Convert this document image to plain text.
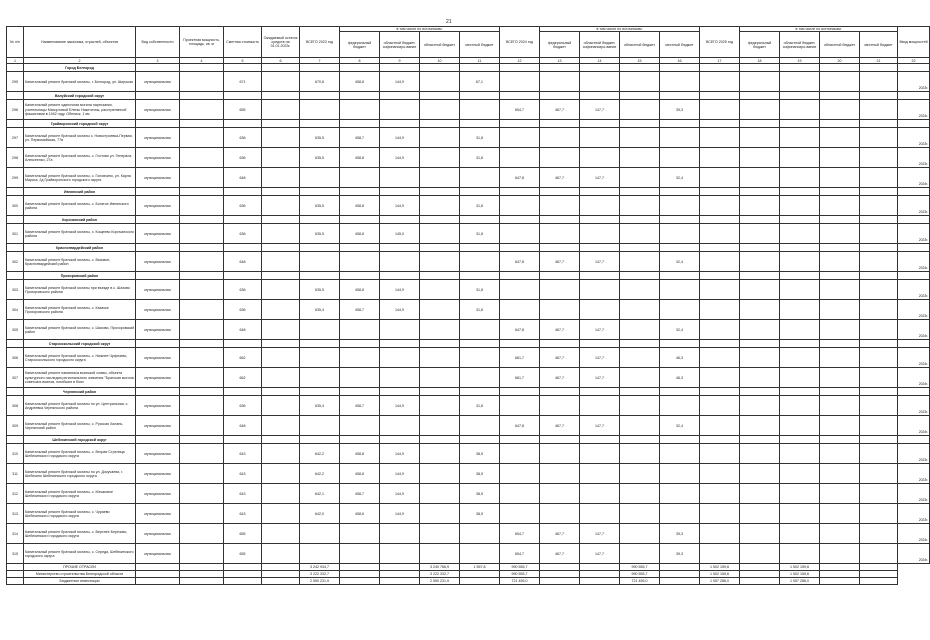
21
№ п/п	Наименование заказчика, отраслей, объектов	Вид собственности	Проектная мощность, площадь, кв. м	Сметная стоимость	Ожидаемый остаток средств на 01.01.2023г.	ВСЕГО 2023 год	в том числе по источникам:				ВСЕГО 2024 год	в том числе по источникам:				ВСЕГО 2025 год	в том числе по источникам:				Ввод мощностей
							федеральный бюджет	областной бюджет, софинансиро-вание	областной бюджет	местный бюджет		федеральный бюджет	областной бюджет, софинансиро-вание	областной бюджет	местный бюджет		федеральный бюджет	областной бюджет, софинансиро-вание	областной бюджет	местный бюджет	
1	2	3	4	5	6	7	8	9	10	11	12	13	14	15	16	17	18	19	20	21	22
	Город Белгород																				
295	Капитальный ремонт братской могилы, г. Белгород, ул. Широкая	муниципальная		671		670,6	458,8	144,9		67,1											2023г.
	Валуйский городской округ																				
296	Капитальный ремонт одиночная могила партизанки, учительницы Махортовой Елены Никитичны, расстрелянной фашистами в 1942 году. Обелиск, 1 км	муниципальная		655							654,7	467,7	147,7		39,3						2024г.
	Грайворонский городской округ																				
297	Капитальный ремонт братской могилы с. Новостроевка-Первая, ул. Первомайская, 77в	муниципальная		636		635,5	458,7	144,9		31,8											2023г.
298	Капитальный ремонт братской могилы, с. Глотово ул. Генерала Алексеенко, 27а	муниципальная		636		635,5	458,8	144,9		31,8											2023г.
299	Капитальный ремонт братской могилы, с. Головчино, ул. Карла Маркса, 2д Грайворонского городского округа	муниципальная		648							647,8	467,7	147,7		32,4						2024г.
	Ивнянский район																				
300	Капитальный ремонт братской могилы, с. Богатое Ивнянского района	муниципальная		636		635,5	458,8	144,9		31,8											2023г.
	Корочанский район																				
301	Капитальный ремонт братской могилы, х. Кощеево Корочанского района	муниципальная		636		635,5	458,8	145,0		31,8											2023г.
	Красногвардейский район																				
302	Капитальный ремонт братской могилы, с. Вязовое, Красногвардейский район	муниципальная		648							647,8	467,7	147,7		32,4						2024г.
	Прохоровский район																				
303	Капитальный ремонт братской могилы при въезде в с. Шахово Прохоровского района	муниципальная		636		635,5	458,8	144,9		31,8											2023г.
304	Капитальный ремонт братской могилы, с. Казачье Прохоровского района	муниципальная		636		635,4	458,7	144,9		31,8											2023г.
305	Капитальный ремонт братской могилы, с. Шахово, Прохоровский район	муниципальная		648							647,8	467,7	147,7		32,4						2024г.
	Старооскольский городской округ																				
306	Капитальный ремонт братской могилы, с. Нижнее Чуфичево, Старооскольского городского округа	муниципальная		662							661,7	467,7	147,7		46,3						2024г.
307	Капитальный ремонт памятника воинской славы, объекта культурного наследия регионального значения "Братская могила советских воинов, погибших в боях	муниципальная		662							661,7	467,7	147,7		46,3						2024г.
	Чернянский район																				
308	Капитальный ремонт братской могилы по ул. Центральная, с. Андреевка Чернянского района	муниципальная		636		635,4	458,7	144,9		31,8											2023г.
309	Капитальный ремонт братской могилы, с. Русская Халань, Чернянский район	муниципальная		648							647,8	467,7	147,7		32,4						2024г.
	Шебекинский городской округ																				
310	Капитальный ремонт братской могилы, с. Вторая Стрелица Шебекинского городского округа	муниципальная		643		642,2	458,8	144,9		38,5											2023г.
311	Капитальный ремонт братской могилы по ул. Докучаева, г. Шебекино Шебекинского городского округа	муниципальная		643		642,2	458,8	144,9		38,5											2023г.
312	Капитальный ремонт братской могилы, с. Мешковое Шебекинского городского округа	муниципальная		643		642,1	458,7	144,9		38,5											2023г.
313	Капитальный ремонт братской могилы, с. Чураево Шебекинского городского округа	муниципальная		643		642,0	458,6	144,9		38,5											2023г.
314	Капитальный ремонт братской могилы, с. Верхнее Березово, Шебекинского городского округа	муниципальная		655							654,7	467,7	147,7		39,3						2024г.
315	Капитальный ремонт братской могилы, с. Середа, Шебекинского городского округа	муниципальная		655							654,7	467,7	147,7		39,3						2024г.
	ПРОЧИЕ ОТРАСЛИ					3 242 934,7			3 240 766,9	1 557,8	990 555,7			990 555,7		1 502 159,6		1 502 159,6			
	Министерство строительства Белгородской области					3 222 332,7			3 222 332,7		990 555,7			990 555,7		1 502 159,6		1 502 159,6			
	Бюджетные инвестиции					2 550 231,9			2 550 231,9		721 455,0			721 455,0		1 057 286,0		1 057 286,0			
